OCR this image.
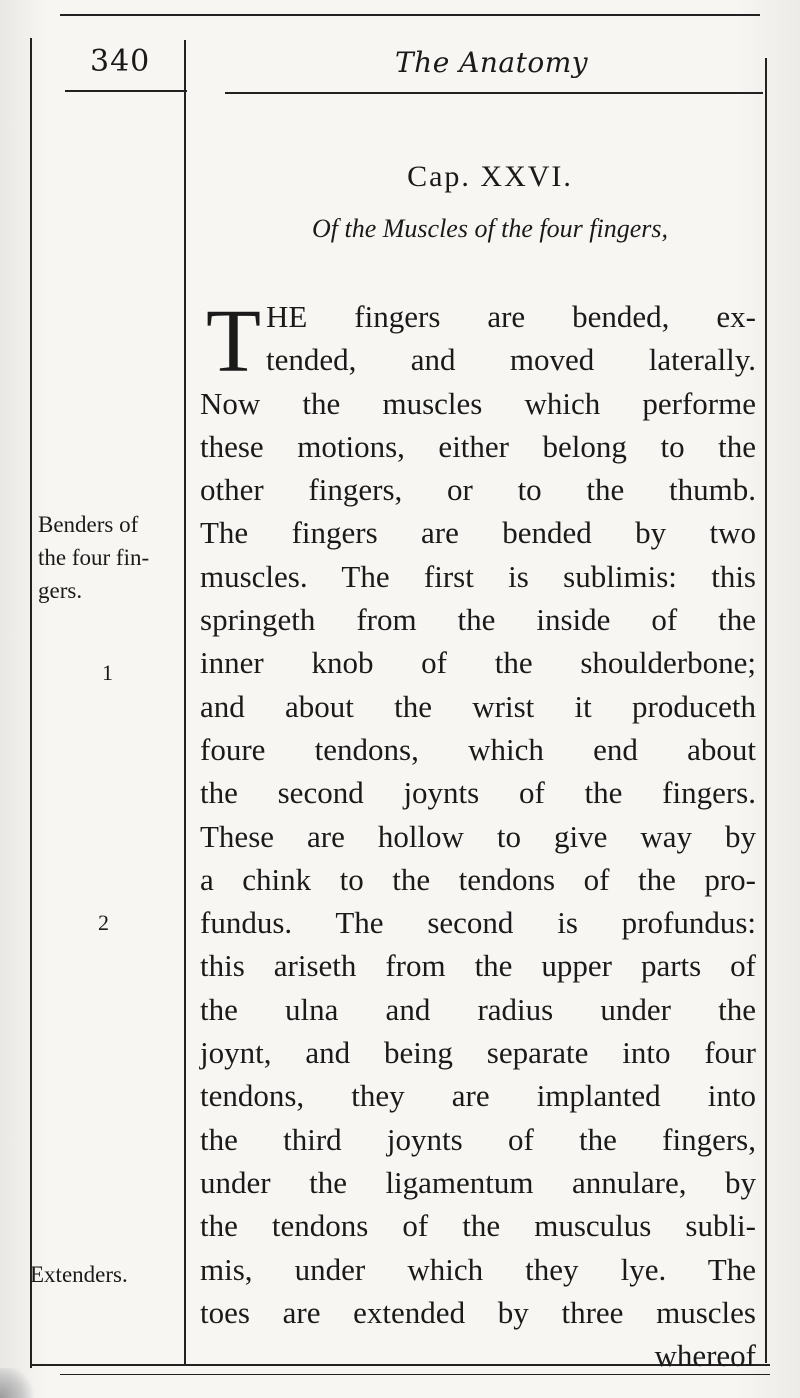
340	The Anatomy
Cap. XXVI.
Of the Muscles of the four fingers,
T HE fingers are bended, ex-
tended, and moved laterally.
Now the muscles which performe
these motions, either belong to the
other fingers, or to the thumb.
The fingers are bended by two
muscles. The first is sublimis: this
springeth from the inside of the
inner knob of the shoulderbone;
and about the wrist it produceth
foure tendons, which end about
the second joynts of the fingers.
These are hollow to give way by
a chink to the tendons of the pro-
fundus. The second is profundus:
this ariseth from the upper parts of
the ulna and radius under the
joynt, and being separate into four
tendons, they are implanted into
the third joynts of the fingers,
under the ligamentum annulare, by
the tendons of the musculus subli-
mis, under which they lye. The
toes are extended by three muscles
whereof
Benders of the four fin- gers.
1
2
Extenders.
